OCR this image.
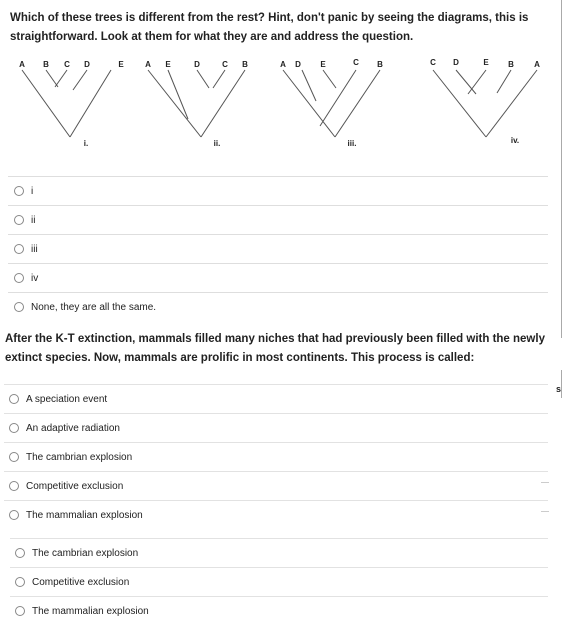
Which of these trees is different from the rest? Hint, don't panic by seeing the diagrams, this is straightforward. Look at them for what they are and address the question.
A B C D	E	A E	D	C B	A D E	C B	C D	E B	A
i.	ii.	iii.	iv.
i
ii
iii
iv
None, they are all the same.
After the K-T extinction, mammals filled many niches that had previously been filled with the newly extinct species. Now, mammals are prolific in most continents. This process is called:
A speciation event
An adaptive radiation
The cambrian explosion
Competitive exclusion
The mammalian explosion
The cambrian explosion
Competitive exclusion
The mammalian explosion
s
